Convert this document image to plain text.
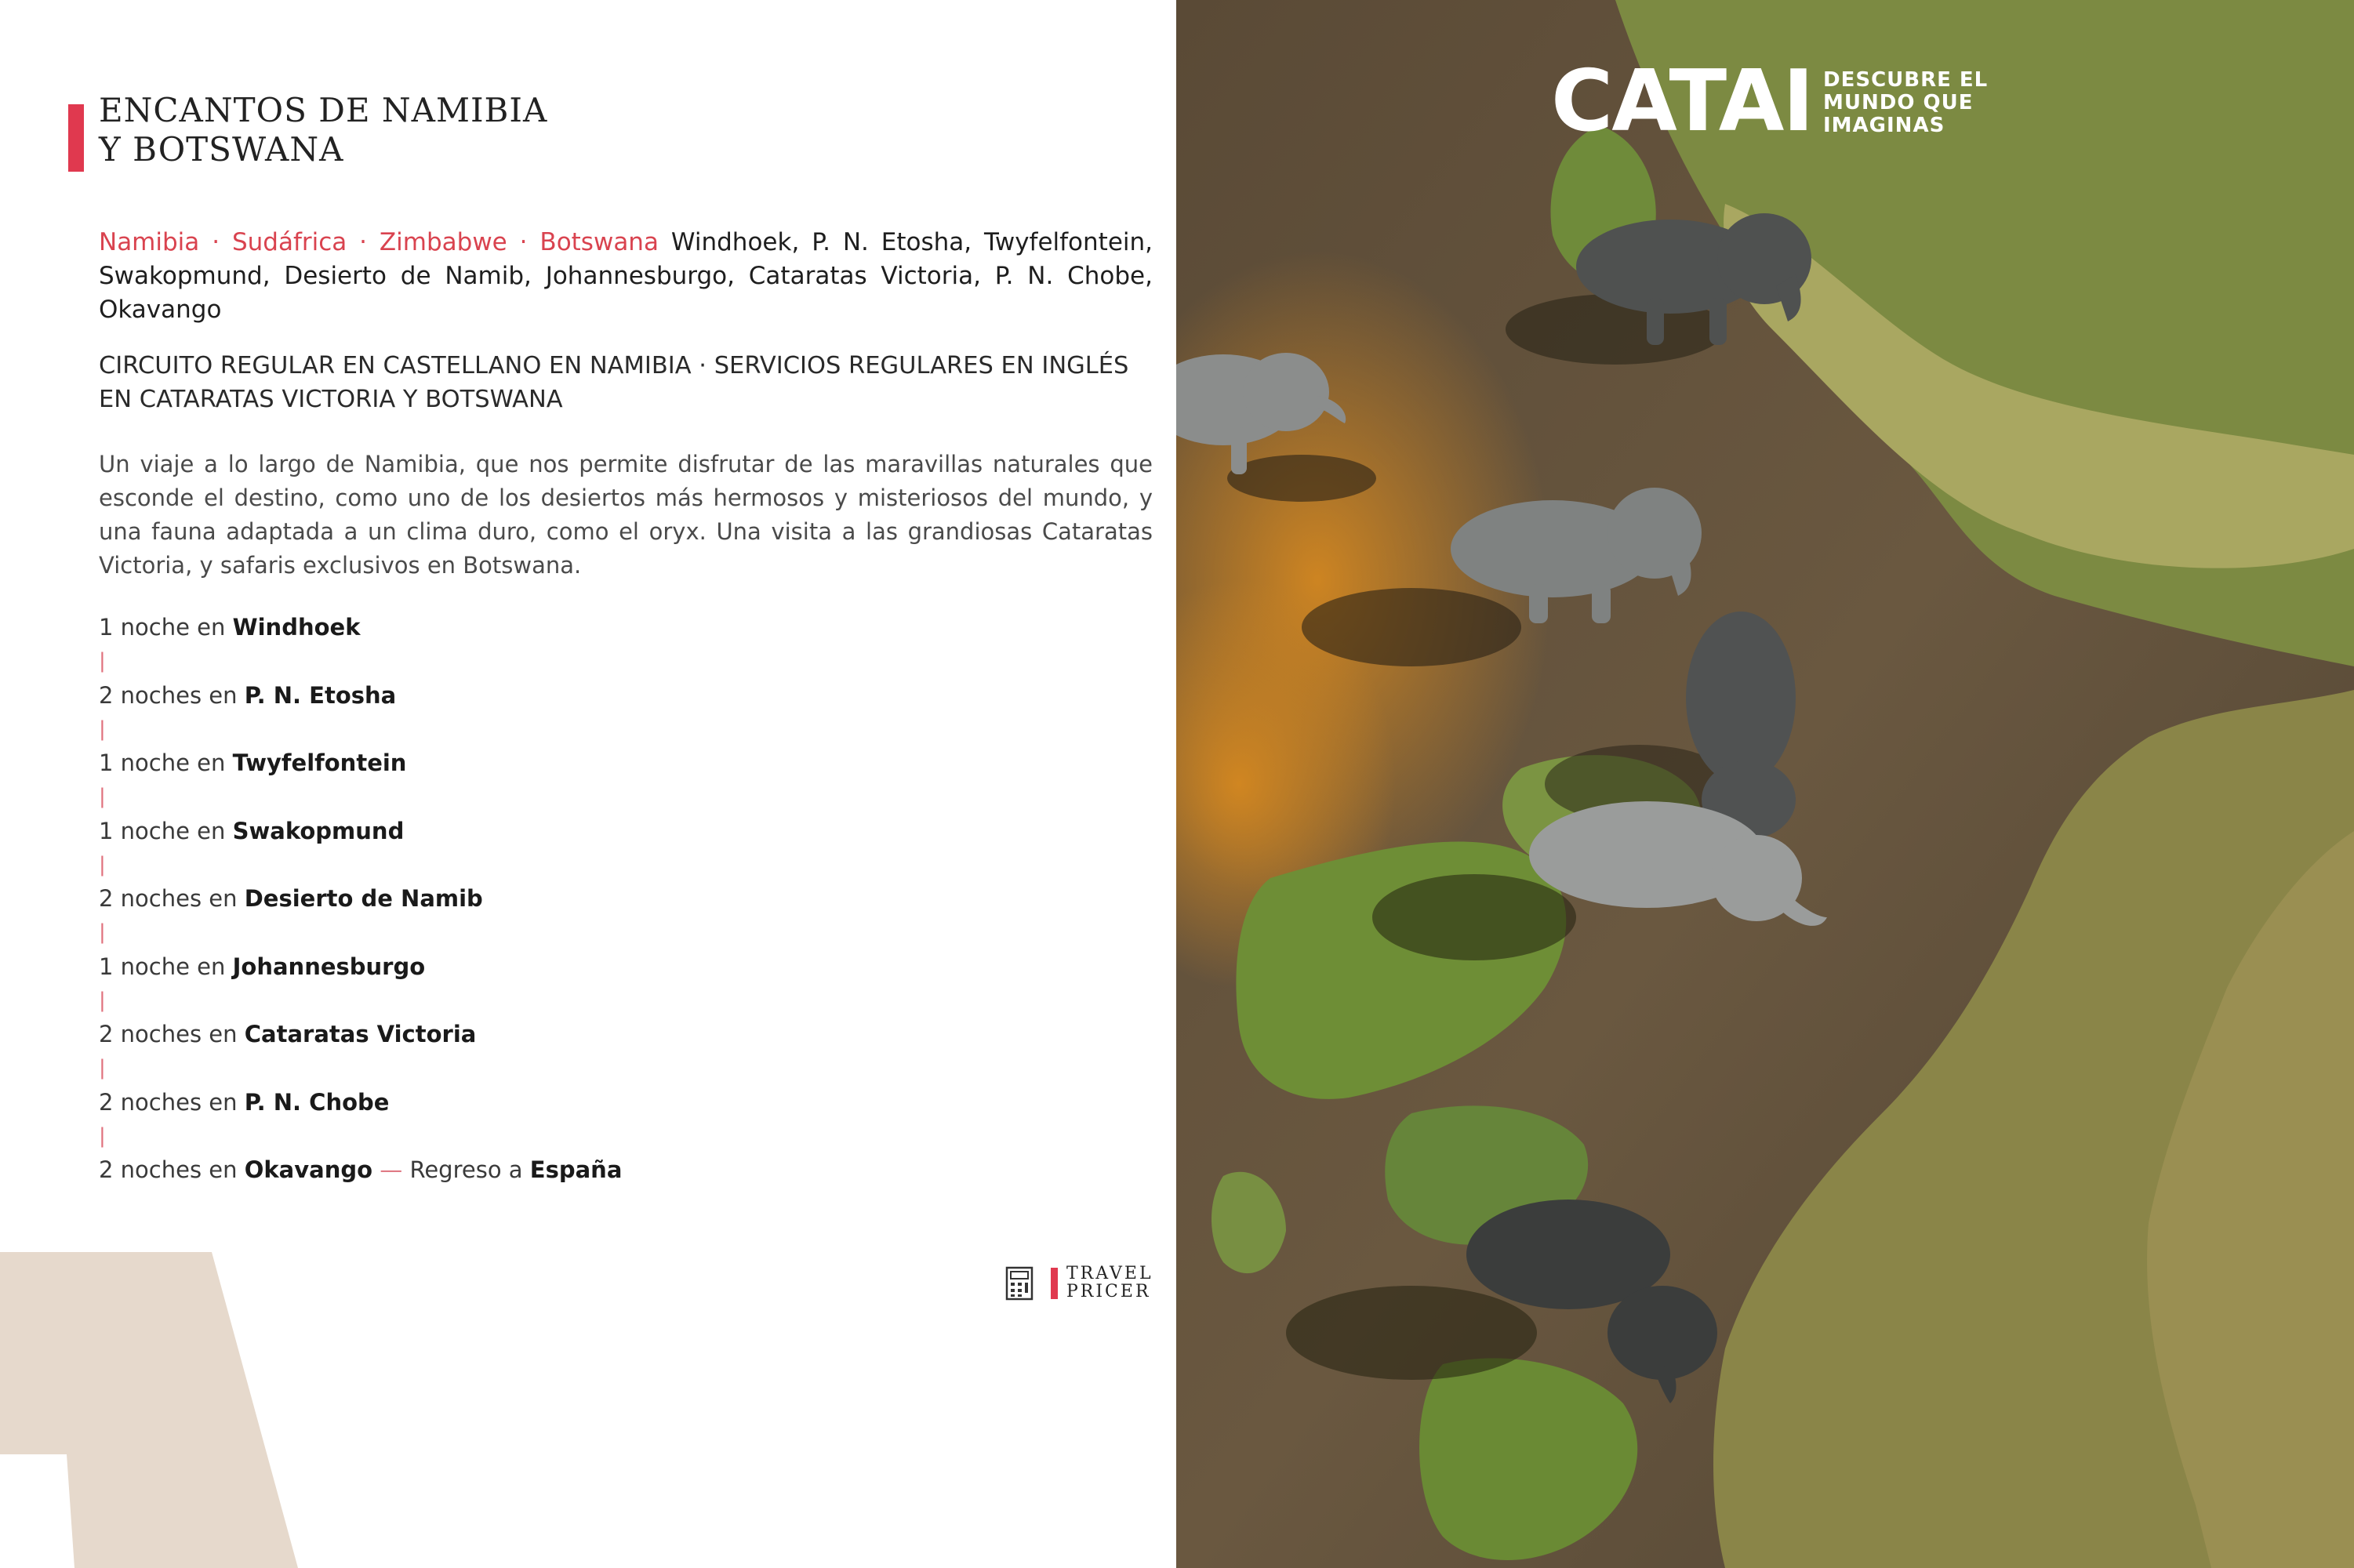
ENCANTOS DE NAMIBIA
Y BOTSWANA
Namibia · Sudáfrica · Zimbabwe · Botswana Windhoek, P. N. Etosha, Twyfelfontein, Swakopmund, Desierto de Namib, Johannesburgo, Cataratas Victoria, P. N. Chobe, Okavango
CIRCUITO REGULAR EN CASTELLANO EN NAMIBIA · SERVICIOS REGULARES EN INGLÉS EN CATARATAS VICTORIA Y BOTSWANA
Un viaje a lo largo de Namibia, que nos permite disfrutar de las maravillas naturales que esconde el destino, como uno de los desiertos más hermosos y misteriosos del mundo, y una fauna adaptada a un clima duro, como el oryx. Una visita a las grandiosas Cataratas Victoria, y safaris exclusivos en Botswana.
1 noche en Windhoek
|
2 noches en P. N. Etosha
|
1 noche en Twyfelfontein
|
1 noche en Swakopmund
|
2 noches en Desierto de Namib
|
1 noche en Johannesburgo
|
2 noches en Cataratas Victoria
|
2 noches en P. N. Chobe
|
2 noches en Okavango — Regreso a España
TRAVEL
PRICER
CATAI DESCUBRE EL
MUNDO QUE
IMAGINAS
